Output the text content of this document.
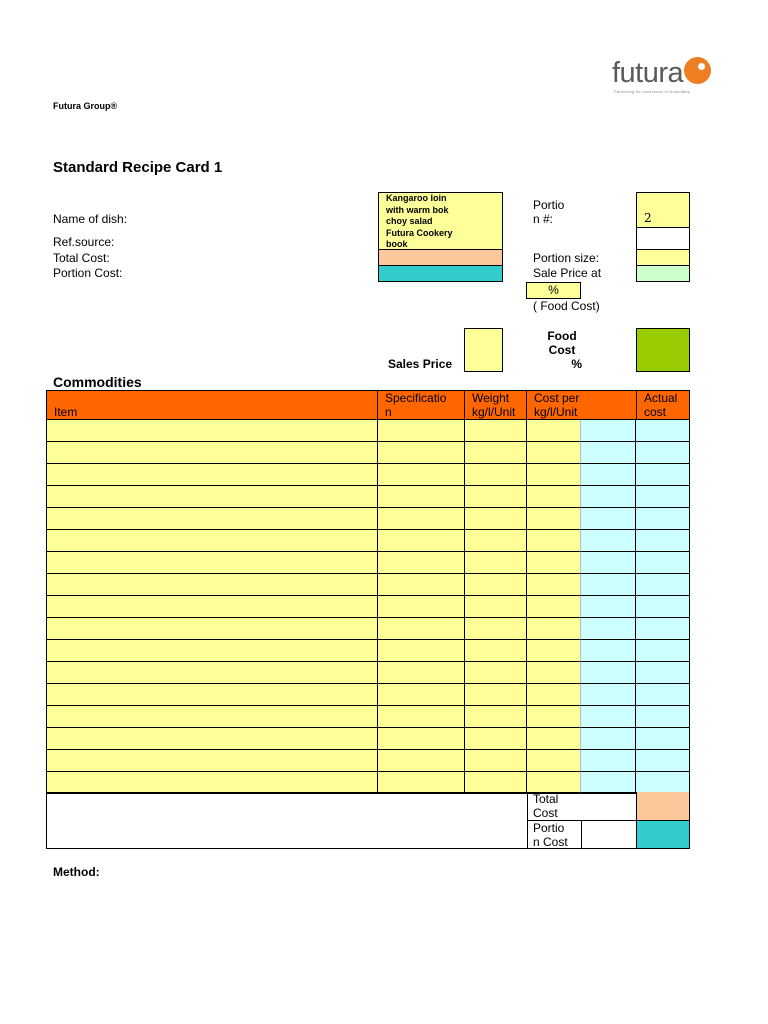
futura
Partnering for excellence in Hospitality
Futura Group®
Standard Recipe Card 1
Name of dish:
Ref.source:
Total Cost:
Portion Cost:
Kangaroo loin
with warm bok
choy salad
Futura Cookery
book
Portio
n #:
Portion size:
Sale Price at
%
( Food Cost)
2
Sales Price
Food
Cost
%
Commodities

Item
Specificatio
n
Weight
kg/l/Unit
Cost per
kg/l/Unit
Actual
cost
Total
Cost
Portio
n Cost
Method:
